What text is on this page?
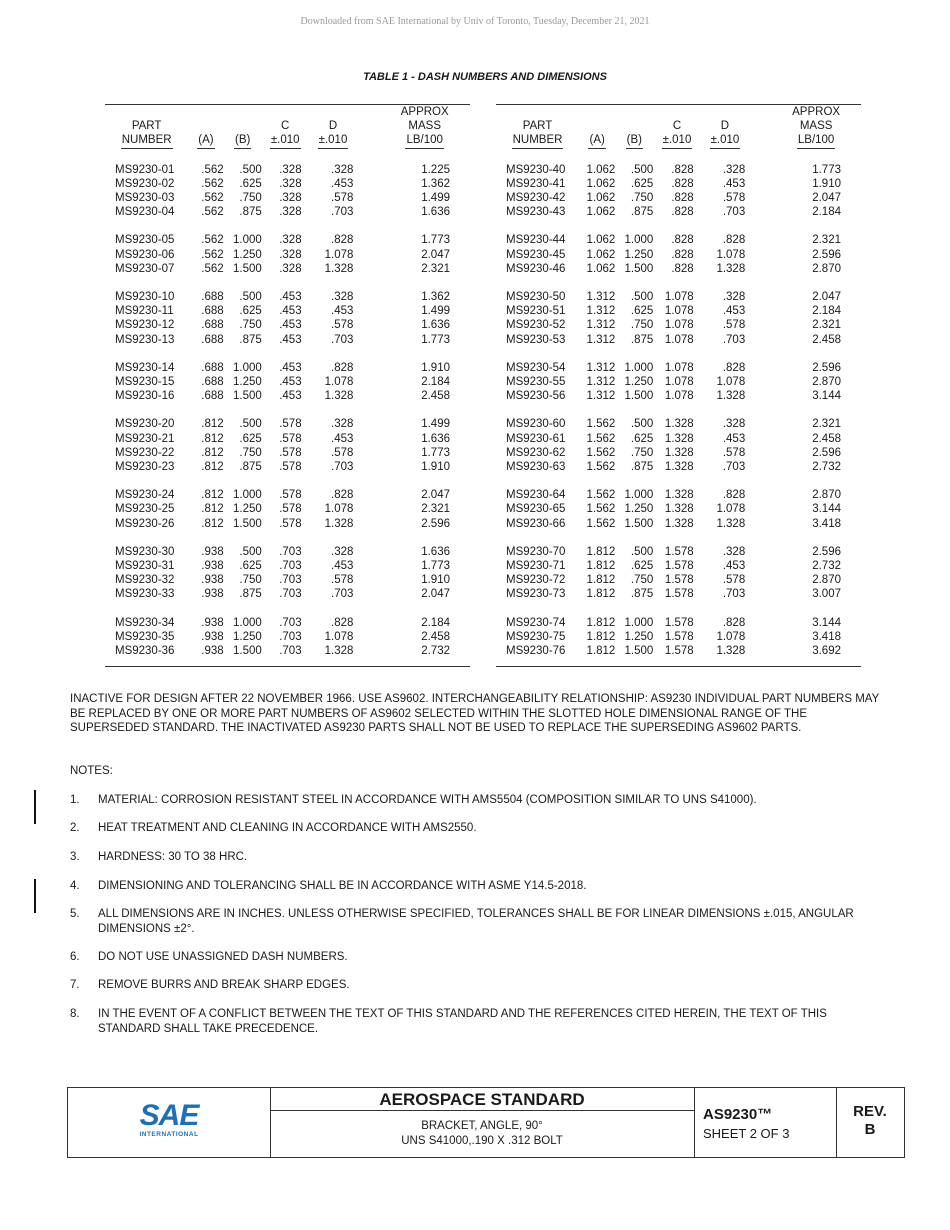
Downloaded from SAE International by Univ of Toronto, Tuesday, December 21, 2021
TABLE 1 - DASH NUMBERS AND DIMENSIONS
					APPROX
PART			C	D	MASS
NUMBER	(A)	(B)	±.010	±.010	LB/100
MS9230-01	.562	.500	.328	.328	1.225
MS9230-02	.562	.625	.328	.453	1.362
MS9230-03	.562	.750	.328	.578	1.499
MS9230-04	.562	.875	.328	.703	1.636
MS9230-05	.562	1.000	.328	.828	1.773
MS9230-06	.562	1.250	.328	1.078	2.047
MS9230-07	.562	1.500	.328	1.328	2.321
MS9230-10	.688	.500	.453	.328	1.362
MS9230-11	.688	.625	.453	.453	1.499
MS9230-12	.688	.750	.453	.578	1.636
MS9230-13	.688	.875	.453	.703	1.773
MS9230-14	.688	1.000	.453	.828	1.910
MS9230-15	.688	1.250	.453	1.078	2.184
MS9230-16	.688	1.500	.453	1.328	2.458
MS9230-20	.812	.500	.578	.328	1.499
MS9230-21	.812	.625	.578	.453	1.636
MS9230-22	.812	.750	.578	.578	1.773
MS9230-23	.812	.875	.578	.703	1.910
MS9230-24	.812	1.000	.578	.828	2.047
MS9230-25	.812	1.250	.578	1.078	2.321
MS9230-26	.812	1.500	.578	1.328	2.596
MS9230-30	.938	.500	.703	.328	1.636
MS9230-31	.938	.625	.703	.453	1.773
MS9230-32	.938	.750	.703	.578	1.910
MS9230-33	.938	.875	.703	.703	2.047
MS9230-34	.938	1.000	.703	.828	2.184
MS9230-35	.938	1.250	.703	1.078	2.458
MS9230-36	.938	1.500	.703	1.328	2.732

					APPROX
PART			C	D	MASS
NUMBER	(A)	(B)	±.010	±.010	LB/100
MS9230-40	1.062	.500	.828	.328	1.773
MS9230-41	1.062	.625	.828	.453	1.910
MS9230-42	1.062	.750	.828	.578	2.047
MS9230-43	1.062	.875	.828	.703	2.184
MS9230-44	1.062	1.000	.828	.828	2.321
MS9230-45	1.062	1.250	.828	1.078	2.596
MS9230-46	1.062	1.500	.828	1.328	2.870
MS9230-50	1.312	.500	1.078	.328	2.047
MS9230-51	1.312	.625	1.078	.453	2.184
MS9230-52	1.312	.750	1.078	.578	2.321
MS9230-53	1.312	.875	1.078	.703	2.458
MS9230-54	1.312	1.000	1.078	.828	2.596
MS9230-55	1.312	1.250	1.078	1.078	2.870
MS9230-56	1.312	1.500	1.078	1.328	3.144
MS9230-60	1.562	.500	1.328	.328	2.321
MS9230-61	1.562	.625	1.328	.453	2.458
MS9230-62	1.562	.750	1.328	.578	2.596
MS9230-63	1.562	.875	1.328	.703	2.732
MS9230-64	1.562	1.000	1.328	.828	2.870
MS9230-65	1.562	1.250	1.328	1.078	3.144
MS9230-66	1.562	1.500	1.328	1.328	3.418
MS9230-70	1.812	.500	1.578	.328	2.596
MS9230-71	1.812	.625	1.578	.453	2.732
MS9230-72	1.812	.750	1.578	.578	2.870
MS9230-73	1.812	.875	1.578	.703	3.007
MS9230-74	1.812	1.000	1.578	.828	3.144
MS9230-75	1.812	1.250	1.578	1.078	3.418
MS9230-76	1.812	1.500	1.578	1.328	3.692

INACTIVE FOR DESIGN AFTER 22 NOVEMBER 1966. USE AS9602. INTERCHANGEABILITY RELATIONSHIP: AS9230 INDIVIDUAL PART NUMBERS MAY BE REPLACED BY ONE OR MORE PART NUMBERS OF AS9602 SELECTED WITHIN THE SLOTTED HOLE DIMENSIONAL RANGE OF THE SUPERSEDED STANDARD. THE INACTIVATED AS9230 PARTS SHALL NOT BE USED TO REPLACE THE SUPERSEDING AS9602 PARTS.
NOTES:
1. MATERIAL: CORROSION RESISTANT STEEL IN ACCORDANCE WITH AMS5504 (COMPOSITION SIMILAR TO UNS S41000).
2. HEAT TREATMENT AND CLEANING IN ACCORDANCE WITH AMS2550.
3. HARDNESS: 30 TO 38 HRC.
4. DIMENSIONING AND TOLERANCING SHALL BE IN ACCORDANCE WITH ASME Y14.5-2018.
5. ALL DIMENSIONS ARE IN INCHES. UNLESS OTHERWISE SPECIFIED, TOLERANCES SHALL BE FOR LINEAR DIMENSIONS ±.015, ANGULAR DIMENSIONS ±2°.
6. DO NOT USE UNASSIGNED DASH NUMBERS.
7. REMOVE BURRS AND BREAK SHARP EDGES.
8. IN THE EVENT OF A CONFLICT BETWEEN THE TEXT OF THIS STANDARD AND THE REFERENCES CITED HEREIN, THE TEXT OF THIS STANDARD SHALL TAKE PRECEDENCE.
SAE
INTERNATIONAL
AEROSPACE STANDARD
BRACKET, ANGLE, 90°
UNS S41000,.190 X .312 BOLT
AS9230™
SHEET 2 OF 3
REV.
B
